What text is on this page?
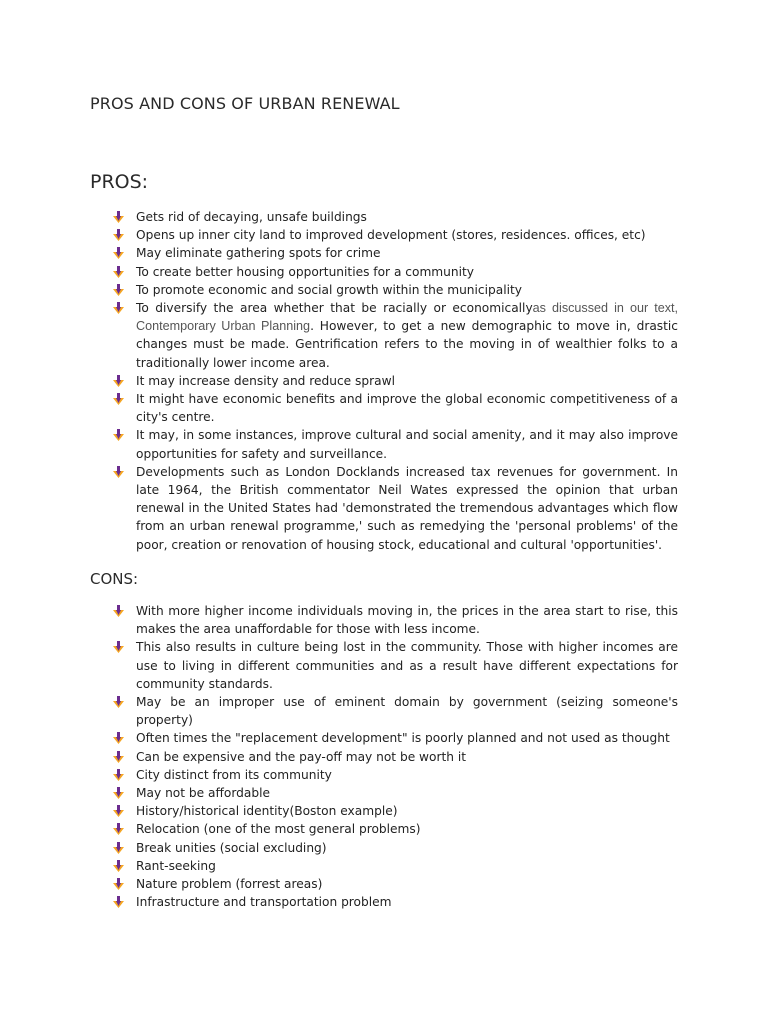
PROS AND CONS OF URBAN RENEWAL
PROS:
Gets rid of decaying, unsafe buildings
Opens up inner city land to improved development (stores, residences. offices, etc)
May eliminate gathering spots for crime
To create better housing opportunities for a community
To promote economic and social growth within the municipality
To diversify the area whether that be racially or economicallyas discussed in our text, Contemporary Urban Planning. However, to get a new demographic to move in, drastic changes must be made. Gentrification refers to the moving in of wealthier folks to a traditionally lower income area.
It may increase density and reduce sprawl
It might have economic benefits and improve the global economic competitiveness of a city's centre.
It may, in some instances, improve cultural and social amenity, and it may also improve opportunities for safety and surveillance.
Developments such as London Docklands increased tax revenues for government. In late 1964, the British commentator Neil Wates expressed the opinion that urban renewal in the United States had 'demonstrated the tremendous advantages which flow from an urban renewal programme,' such as remedying the 'personal problems' of the poor, creation or renovation of housing stock, educational and cultural 'opportunities'.
CONS:
With more higher income individuals moving in, the prices in the area start to rise, this makes the area unaffordable for those with less income.
This also results in culture being lost in the community. Those with higher incomes are use to living in different communities and as a result have different expectations for community standards.
May be an improper use of eminent domain by government (seizing someone's property)
Often times the "replacement development" is poorly planned and not used as thought
Can be expensive and the pay-off may not be worth it
City distinct from its community
May not be affordable
History/historical identity(Boston example)
Relocation (one of the most general problems)
Break unities (social excluding)
Rant-seeking
Nature problem (forrest areas)
Infrastructure and transportation problem
